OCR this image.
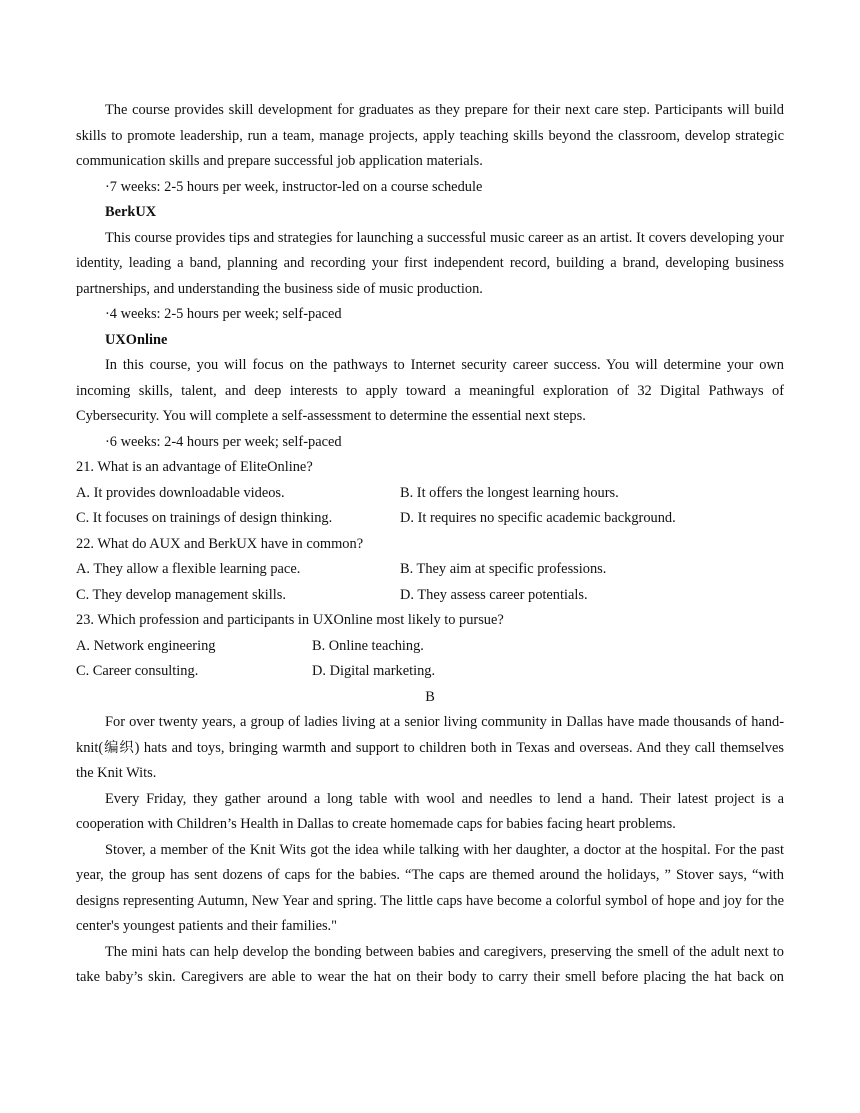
The course provides skill development for graduates as they prepare for their next care step. Participants will build skills to promote leadership, run a team, manage projects, apply teaching skills beyond the classroom, develop strategic communication skills and prepare successful job application materials.

·7 weeks: 2-5 hours per week, instructor-led on a course schedule

BerkUX

This course provides tips and strategies for launching a successful music career as an artist. It covers developing your identity, leading a band, planning and recording your first independent record, building a brand, developing business partnerships, and understanding the business side of music production.

·4 weeks: 2-5 hours per week; self-paced

UXOnline

In this course, you will focus on the pathways to Internet security career success. You will determine your own incoming skills, talent, and deep interests to apply toward a meaningful exploration of 32 Digital Pathways of Cybersecurity. You will complete a self-assessment to determine the essential next steps.

·6 weeks: 2-4 hours per week; self-paced

21. What is an advantage of EliteOnline?

A. It provides downloadable videos.	B. It offers the longest learning hours.
C. It focuses on trainings of design thinking.	D. It requires no specific academic background.

22. What do AUX and BerkUX have in common?

A. They allow a flexible learning pace.	B. They aim at specific professions.
C. They develop management skills.	D. They assess career potentials.

23. Which profession and participants in UXOnline most likely to pursue?

A. Network engineering	B. Online teaching.
C. Career consulting.	D. Digital marketing.

B

For over twenty years, a group of ladies living at a senior living community in Dallas have made thousands of hand-knit(编织) hats and toys, bringing warmth and support to children both in Texas and overseas. And they call themselves the Knit Wits.

Every Friday, they gather around a long table with wool and needles to lend a hand. Their latest project is a cooperation with Children’s Health in Dallas to create homemade caps for babies facing heart problems.

Stover, a member of the Knit Wits got the idea while talking with her daughter, a doctor at the hospital. For the past year, the group has sent dozens of caps for the babies. “The caps are themed around the holidays, ” Stover says, “with designs representing Autumn, New Year and spring. The little caps have become a colorful symbol of hope and joy for the center's youngest patients and their families."

The mini hats can help develop the bonding between babies and caregivers, preserving the smell of the adult next to take baby’s skin. Caregivers are able to wear the hat on their body to carry their smell before placing the hat back on
